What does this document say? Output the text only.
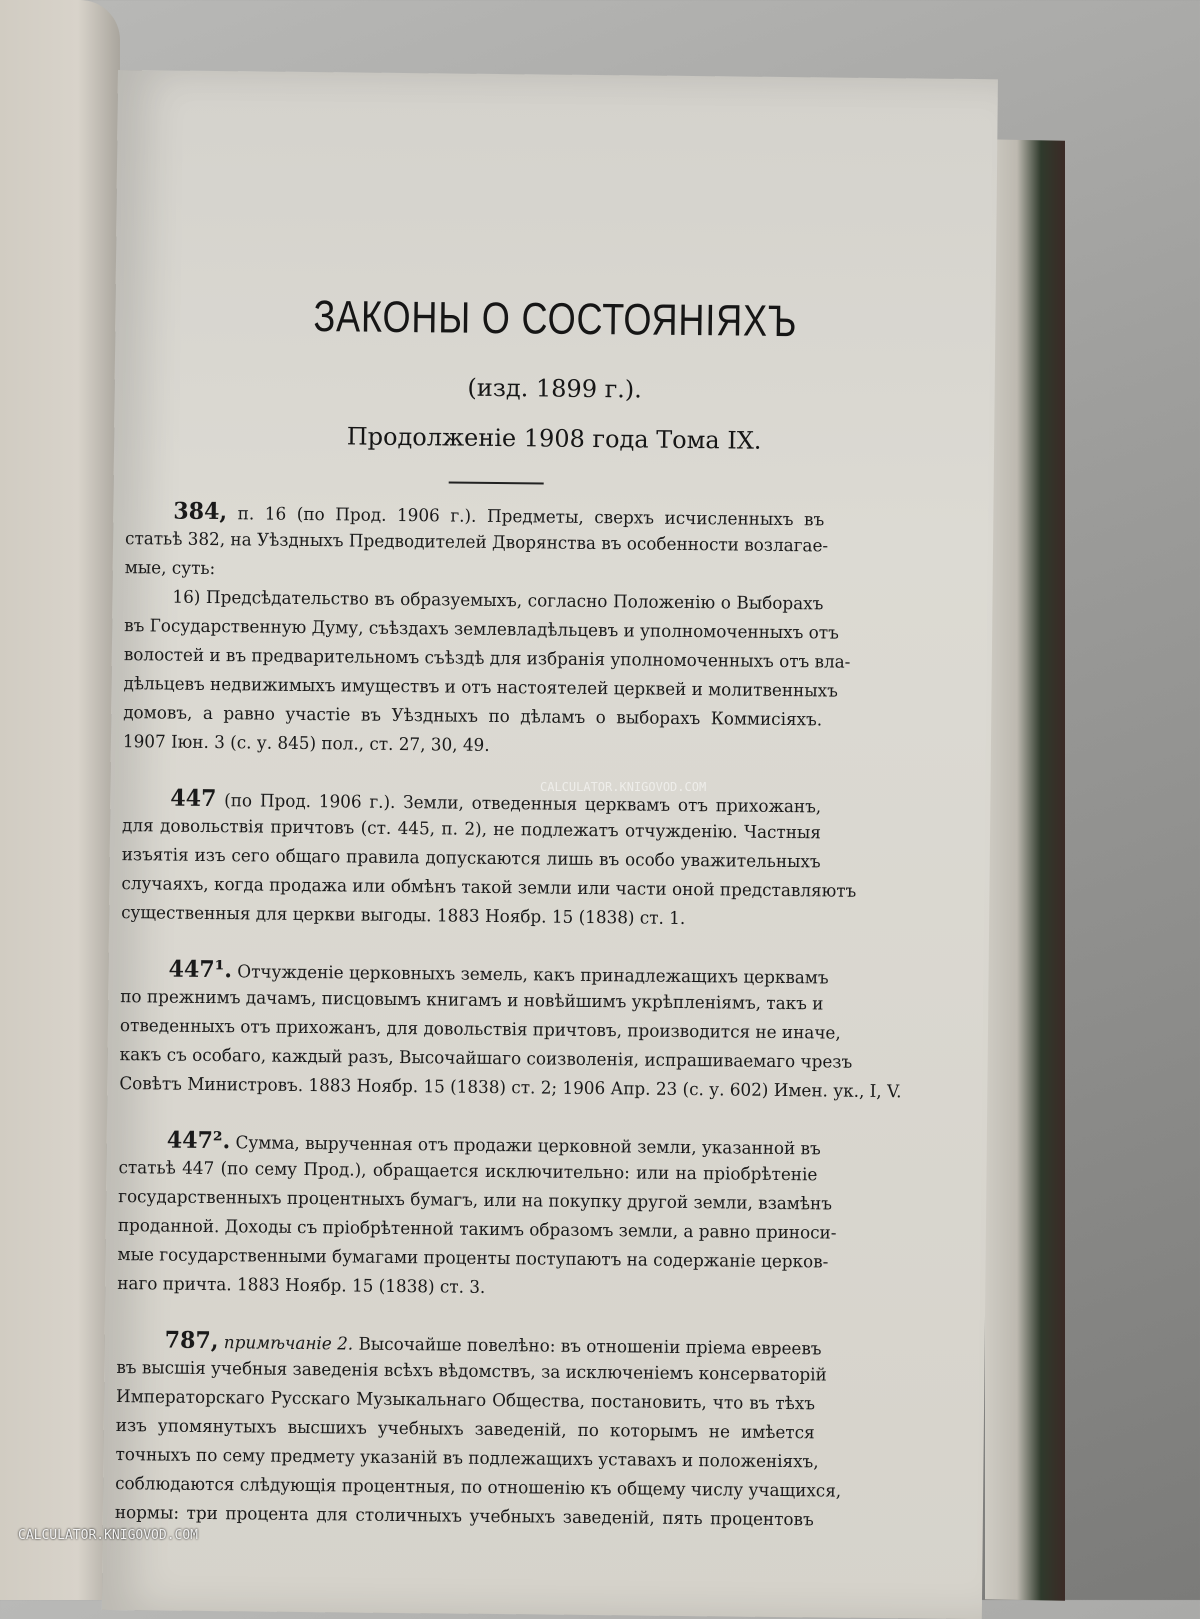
ЗАКОНЫ О СОСТОЯНІЯХЪ
(изд. 1899 г.).
Продолженіе 1908 года Тома IX.
384, п. 16 (по Прод. 1906 г.). Предметы, сверхъ исчисленныхъ въ
статьѣ 382, на Уѣздныхъ Предводителей Дворянства въ особенности возлагае-
мые, суть:
16) Предсѣдательство въ образуемыхъ, согласно Положенію о Выборахъ
въ Государственную Думу, съѣздахъ землевладѣльцевъ и уполномоченныхъ отъ
волостей и въ предварительномъ съѣздѣ для избранія уполномоченныхъ отъ вла-
дѣльцевъ недвижимыхъ имуществъ и отъ настоятелей церквей и молитвенныхъ
домовъ, а равно участіе въ Уѣздныхъ по дѣламъ о выборахъ Коммисіяхъ.
1907 Іюн. 3 (с. у. 845) пол., ст. 27, 30, 49.
447 (по Прод. 1906 г.). Земли, отведенныя церквамъ отъ прихожанъ,
для довольствія причтовъ (ст. 445, п. 2), не подлежатъ отчужденію. Частныя
изъятія изъ сего общаго правила допускаются лишь въ особо уважительныхъ
случаяхъ, когда продажа или обмѣнъ такой земли или части оной представляютъ
существенныя для церкви выгоды. 1883 Ноябр. 15 (1838) ст. 1.
447¹. Отчужденіе церковныхъ земель, какъ принадлежащихъ церквамъ
по прежнимъ дачамъ, писцовымъ книгамъ и новѣйшимъ укрѣпленіямъ, такъ и
отведенныхъ отъ прихожанъ, для довольствія причтовъ, производится не иначе,
какъ съ особаго, каждый разъ, Высочайшаго соизволенія, испрашиваемаго чрезъ
Совѣтъ Министровъ. 1883 Ноябр. 15 (1838) ст. 2; 1906 Апр. 23 (с. у. 602) Имен. ук., I, V.
447². Сумма, вырученная отъ продажи церковной земли, указанной въ
статьѣ 447 (по сему Прод.), обращается исключительно: или на пріобрѣтеніе
государственныхъ процентныхъ бумагъ, или на покупку другой земли, взамѣнъ
проданной. Доходы съ пріобрѣтенной такимъ образомъ земли, а равно приноси-
мые государственными бумагами проценты поступаютъ на содержаніе церков-
наго причта. 1883 Ноябр. 15 (1838) ст. 3.
787, примѣчаніе 2. Высочайше повелѣно: въ отношеніи пріема евреевъ
въ высшія учебныя заведенія всѣхъ вѣдомствъ, за исключеніемъ консерваторій
Императорскаго Русскаго Музыкальнаго Общества, постановить, что въ тѣхъ
изъ упомянутыхъ высшихъ учебныхъ заведеній, по которымъ не имѣется
точныхъ по сему предмету указаній въ подлежащихъ уставахъ и положеніяхъ,
соблюдаются слѣдующія процентныя, по отношенію къ общему числу учащихся,
нормы: три процента для столичныхъ учебныхъ заведеній, пять процентовъ
CALCULATOR.KNIGOVOD.COM
CALCULATOR.KNIGOVOD.COM
